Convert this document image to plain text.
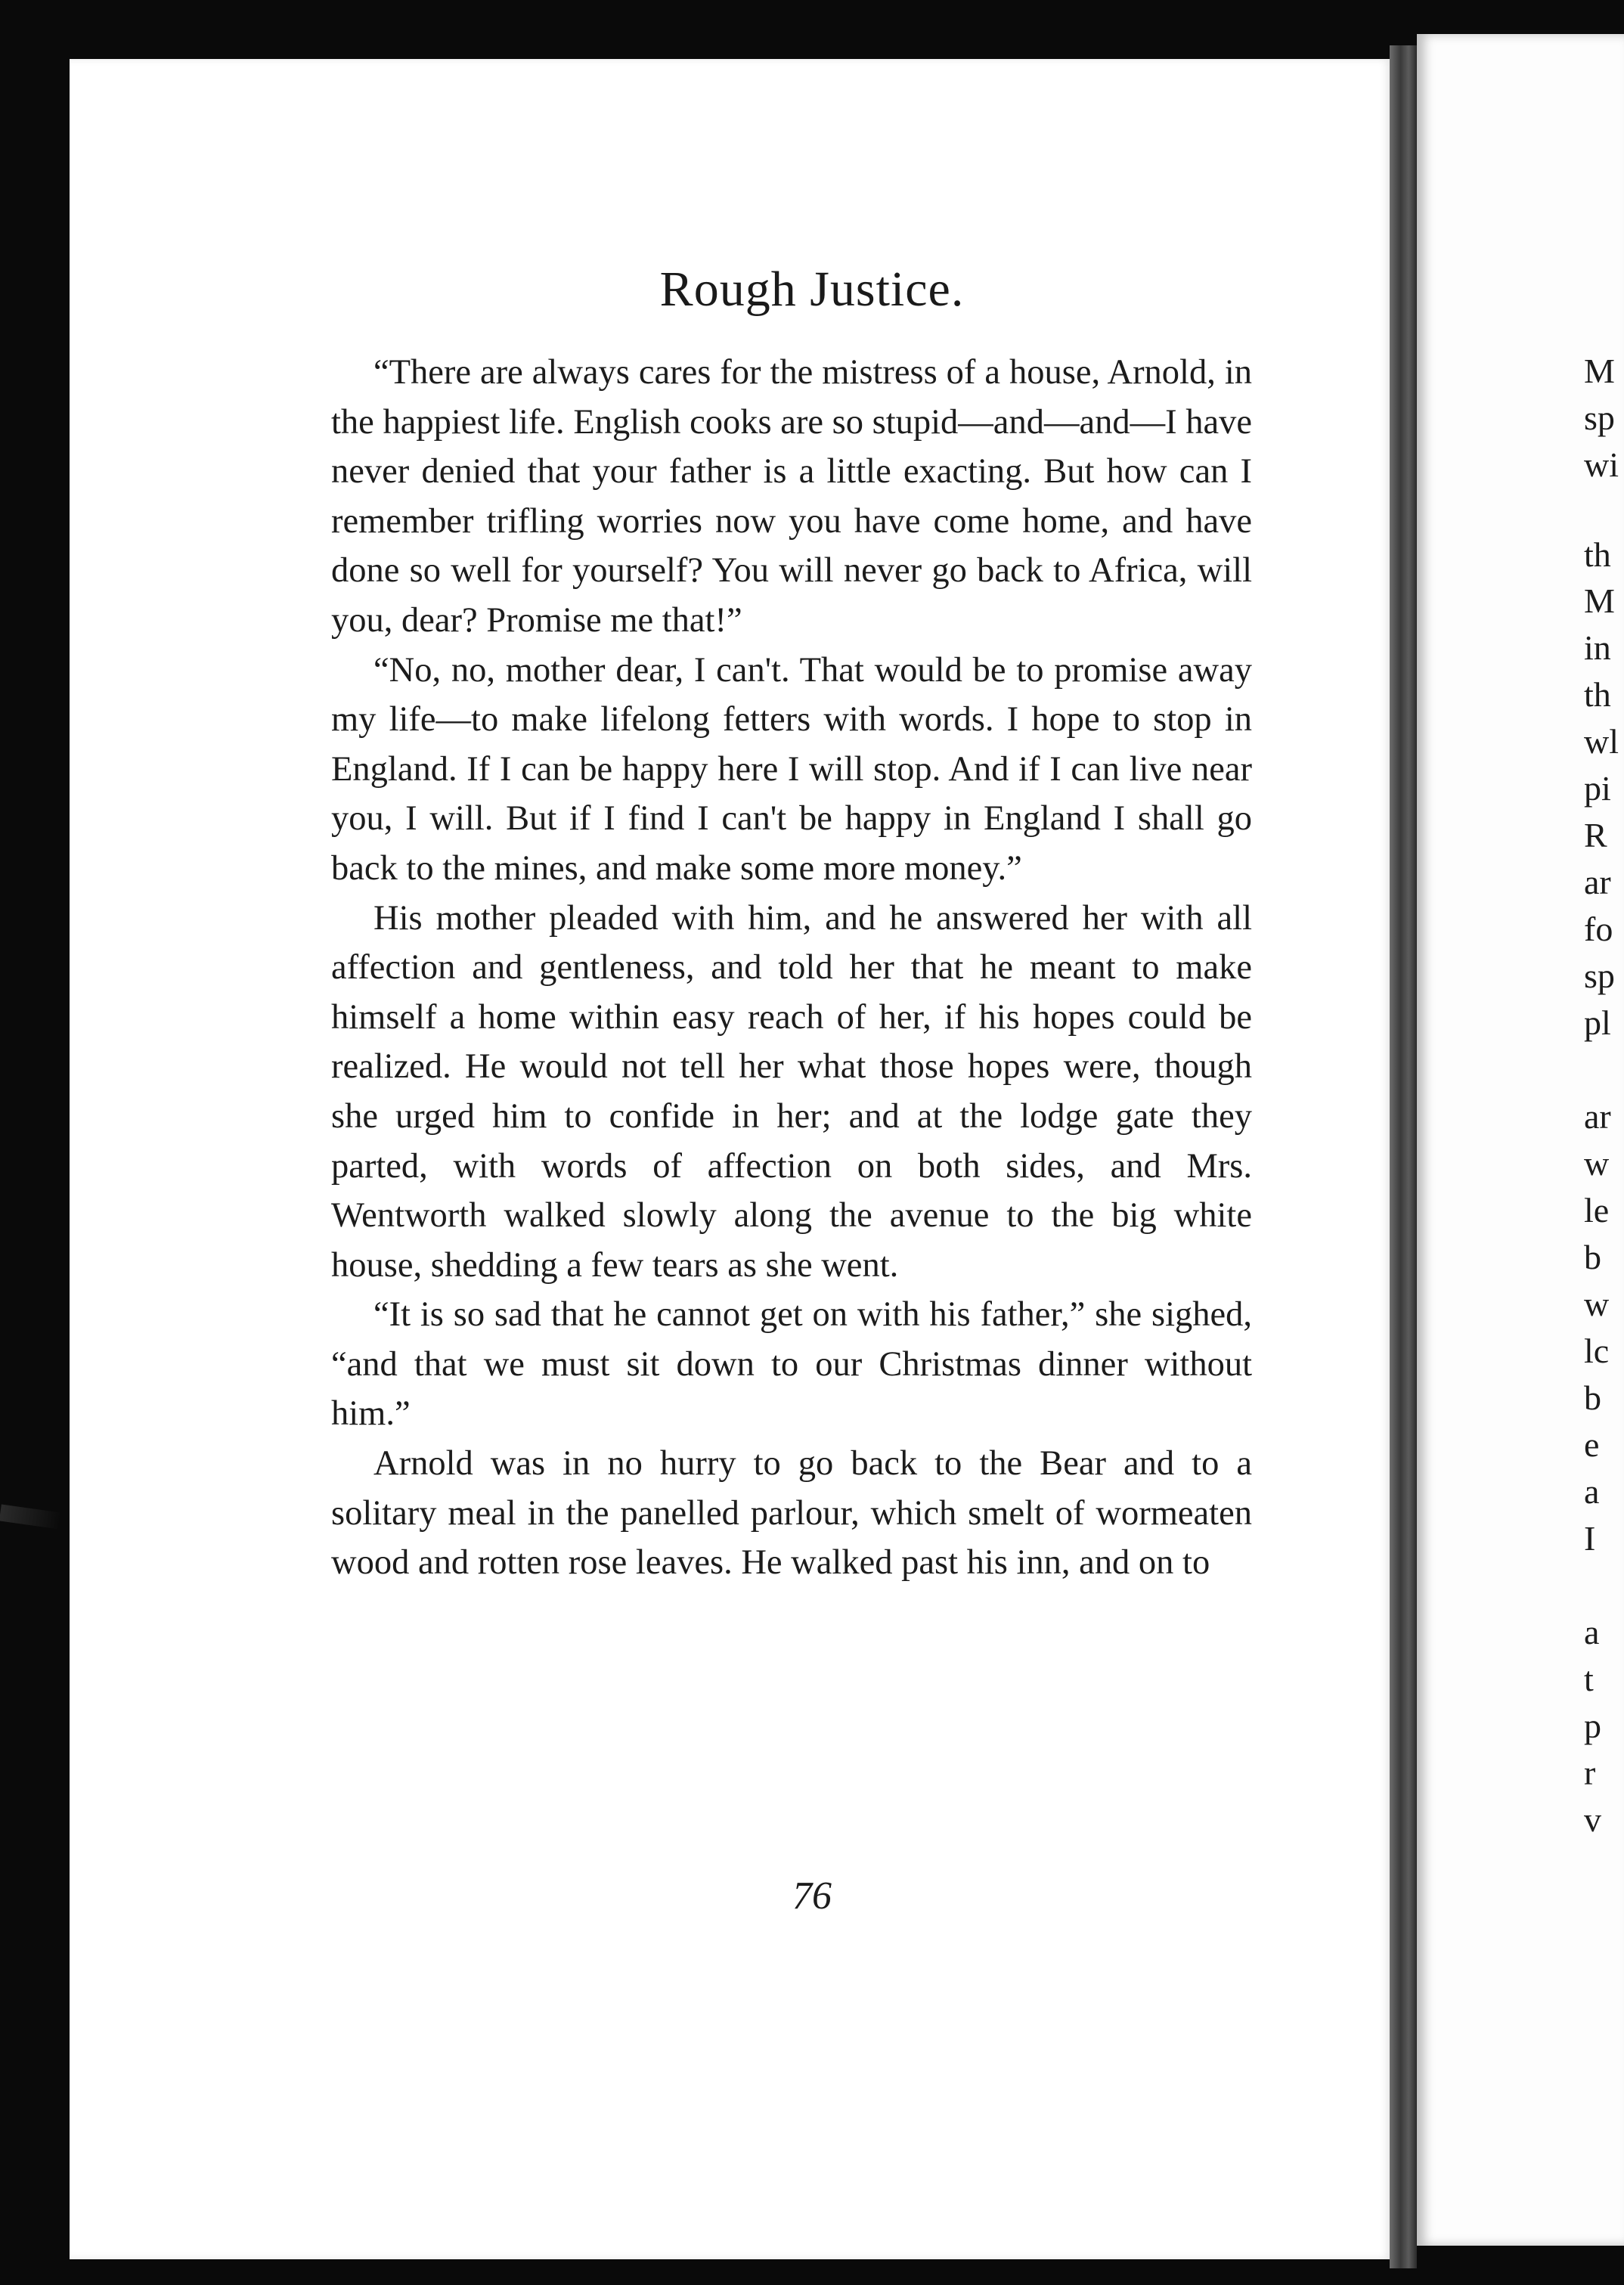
Rough Justice.

“There are always cares for the mistress of a house, Arnold, in the happiest life. English cooks are so stupid—and—and—I have never denied that your father is a little exacting. But how can I remember trifling worries now you have come home, and have done so well for yourself? You will never go back to Africa, will you, dear? Promise me that!”

“No, no, mother dear, I can't. That would be to promise away my life—to make lifelong fetters with words. I hope to stop in England. If I can be happy here I will stop. And if I can live near you, I will. But if I find I can't be happy in England I shall go back to the mines, and make some more money.”

His mother pleaded with him, and he answered her with all affection and gentleness, and told her that he meant to make himself a home within easy reach of her, if his hopes could be realized. He would not tell her what those hopes were, though she urged him to confide in her; and at the lodge gate they parted, with words of affection on both sides, and Mrs. Wentworth walked slowly along the avenue to the big white house, shedding a few tears as she went.

“It is so sad that he cannot get on with his father,” she sighed, “and that we must sit down to our Christmas dinner without him.”

Arnold was in no hurry to go back to the Bear and to a solitary meal in the panelled parlour, which smelt of wormeaten wood and rotten rose leaves. He walked past his inn, and on to

76
M
sp
wi
th
M
in
th
wl
pi
R
ar
fo
sp
pl
ar
w
le
b
w
lc
b
e
a
I
a
t
p
r
v
